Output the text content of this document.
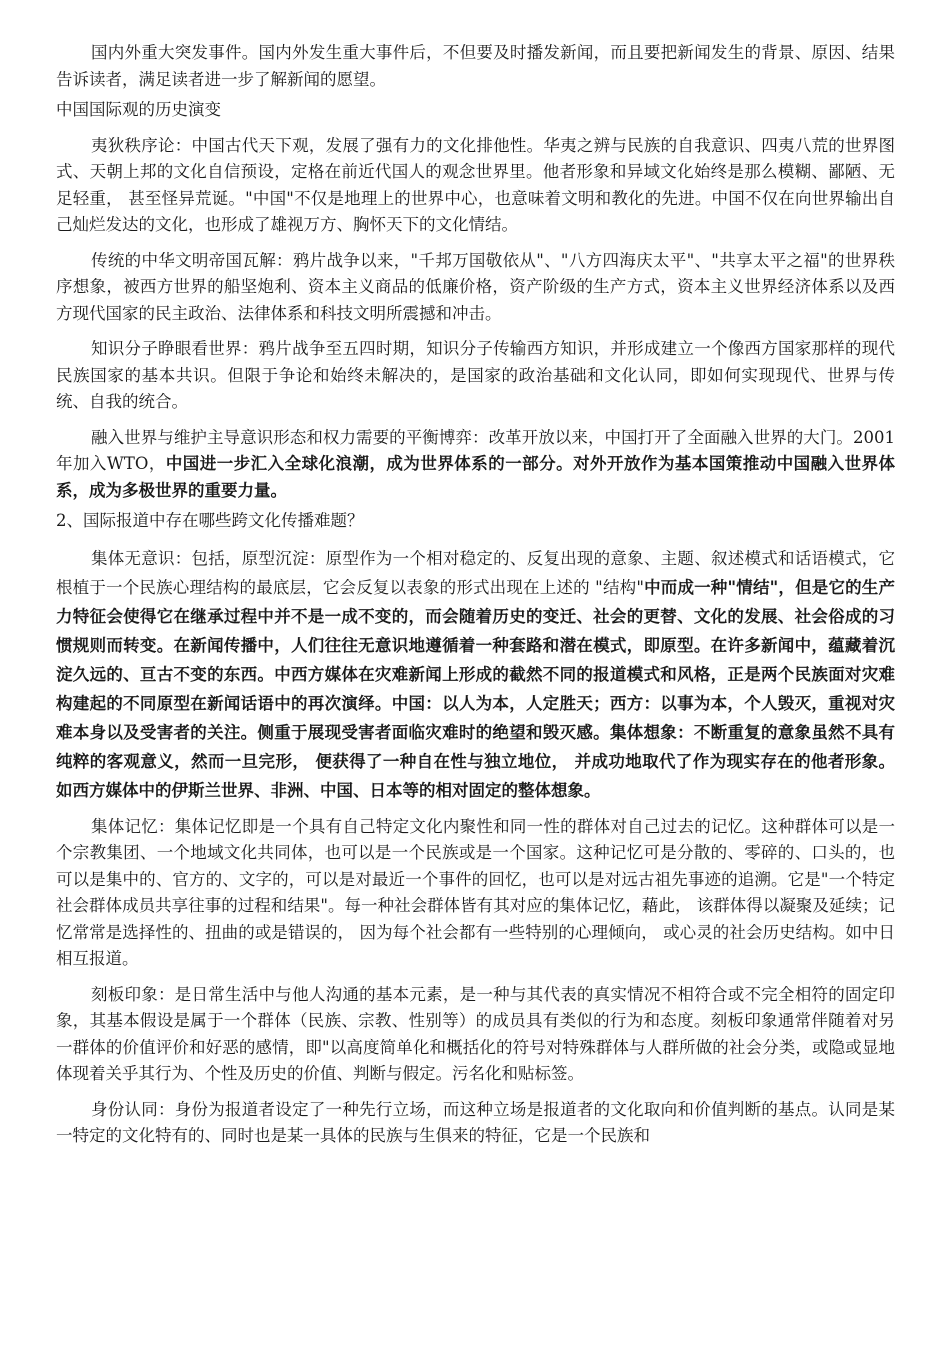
国内外重大突发事件。国内外发生重大事件后，不但要及时播发新闻，而且要把新闻发生的背景、原因、结果告诉读者，满足读者进一步了解新闻的愿望。

中国国际观的历史演变

夷狄秩序论：中国古代天下观，发展了强有力的文化排他性。华夷之辨与民族的自我意识、四夷八荒的世界图式、天朝上邦的文化自信预设，定格在前近代国人的观念世界里。他者形象和异域文化始终是那么模糊、鄙陋、无足轻重， 甚至怪异荒诞。"中国"不仅是地理上的世界中心，也意味着文明和教化的先进。中国不仅在向世界输出自己灿烂发达的文化，也形成了雄视万方、胸怀天下的文化情结。

传统的中华文明帝国瓦解：鸦片战争以来，"千邦万国敬依从"、"八方四海庆太平"、"共享太平之福"的世界秩序想象，被西方世界的船坚炮利、资本主义商品的低廉价格，资产阶级的生产方式，资本主义世界经济体系以及西方现代国家的民主政治、法律体系和科技文明所震撼和冲击。

知识分子睁眼看世界：鸦片战争至五四时期，知识分子传输西方知识，并形成建立一个像西方国家那样的现代民族国家的基本共识。但限于争论和始终未解决的，是国家的政治基础和文化认同，即如何实现现代、世界与传统、自我的统合。

融入世界与维护主导意识形态和权力需要的平衡博弈：改革开放以来，中国打开了全面融入世界的大门。2001 年加入WTO，中国进一步汇入全球化浪潮，成为世界体系的一部分。对外开放作为基本国策推动中国融入世界体系，成为多极世界的重要力量。

2、国际报道中存在哪些跨文化传播难题？

集体无意识：包括，原型沉淀：原型作为一个相对稳定的、反复出现的意象、主题、叙述模式和话语模式，它根植于一个民族心理结构的最底层，它会反复以表象的形式出现在上述的 "结构"中而成一种"情结"，但是它的生产力特征会使得它在继承过程中并不是一成不变的，而会随着历史的变迁、社会的更替、文化的发展、社会俗成的习惯规则而转变。在新闻传播中，人们往往无意识地遵循着一种套路和潜在模式，即原型。在许多新闻中，蕴藏着沉淀久远的、亘古不变的东西。中西方媒体在灾难新闻上形成的截然不同的报道模式和风格，正是两个民族面对灾难构建起的不同原型在新闻话语中的再次演绎。中国：以人为本，人定胜天；西方：以事为本，个人毁灭，重视对灾难本身以及受害者的关注。侧重于展现受害者面临灾难时的绝望和毁灭感。集体想象：不断重复的意象虽然不具有纯粹的客观意义，然而一旦完形， 便获得了一种自在性与独立地位， 并成功地取代了作为现实存在的他者形象。 如西方媒体中的伊斯兰世界、非洲、中国、日本等的相对固定的整体想象。

集体记忆：集体记忆即是一个具有自己特定文化内聚性和同一性的群体对自己过去的记忆。这种群体可以是一个宗教集团、一个地域文化共同体，也可以是一个民族或是一个国家。这种记忆可是分散的、零碎的、口头的，也可以是集中的、官方的、文字的，可以是对最近一个事件的回忆，也可以是对远古祖先事迹的追溯。它是"一个特定社会群体成员共享往事的过程和结果"。每一种社会群体皆有其对应的集体记忆，藉此， 该群体得以凝聚及延续；记忆常常是选择性的、扭曲的或是错误的， 因为每个社会都有一些特别的心理倾向， 或心灵的社会历史结构。如中日相互报道。

刻板印象：是日常生活中与他人沟通的基本元素，是一种与其代表的真实情况不相符合或不完全相符的固定印象，其基本假设是属于一个群体（民族、宗教、性别等）的成员具有类似的行为和态度。刻板印象通常伴随着对另一群体的价值评价和好恶的感情，即"以高度简单化和概括化的符号对特殊群体与人群所做的社会分类，或隐或显地体现着关乎其行为、个性及历史的价值、判断与假定。污名化和贴标签。

身份认同：身份为报道者设定了一种先行立场，而这种立场是报道者的文化取向和价值判断的基点。认同是某一特定的文化特有的、同时也是某一具体的民族与生俱来的特征，它是一个民族和
